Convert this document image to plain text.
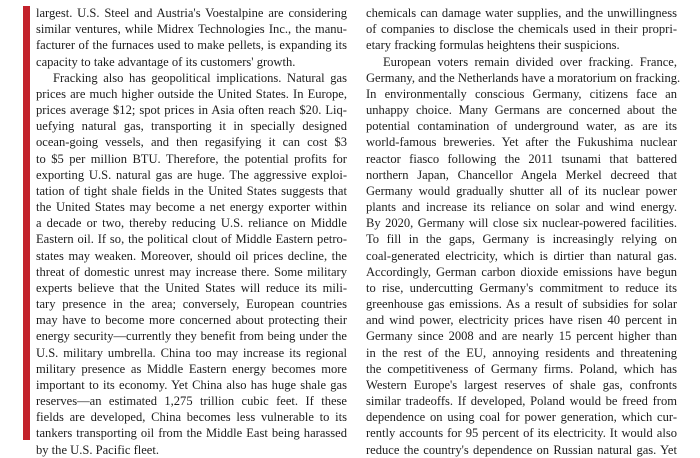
largest. U.S. Steel and Austria's Voestalpine are considering
similar ventures, while Midrex Technologies Inc., the manu-
facturer of the furnaces used to make pellets, is expanding its
capacity to take advantage of its customers' growth.
Fracking also has geopolitical implications. Natural gas
prices are much higher outside the United States. In Europe,
prices average $12; spot prices in Asia often reach $20. Liq-
uefying natural gas, transporting it in specially designed
ocean-going vessels, and then regasifying it can cost $3
to $5 per million BTU. Therefore, the potential profits for
exporting U.S. natural gas are huge. The aggressive exploi-
tation of tight shale fields in the United States suggests that
the United States may become a net energy exporter within
a decade or two, thereby reducing U.S. reliance on Middle
Eastern oil. If so, the political clout of Middle Eastern petro-
states may weaken. Moreover, should oil prices decline, the
threat of domestic unrest may increase there. Some military
experts believe that the United States will reduce its mili-
tary presence in the area; conversely, European countries
may have to become more concerned about protecting their
energy security—currently they benefit from being under the
U.S. military umbrella. China too may increase its regional
military presence as Middle Eastern energy becomes more
important to its economy. Yet China also has huge shale gas
reserves—an estimated 1,275 trillion cubic feet. If these
fields are developed, China becomes less vulnerable to its
tankers transporting oil from the Middle East being harassed
by the U.S. Pacific fleet.
chemicals can damage water supplies, and the unwillingness
of companies to disclose the chemicals used in their propri-
etary fracking formulas heightens their suspicions.
European voters remain divided over fracking. France,
Germany, and the Netherlands have a moratorium on fracking.
In environmentally conscious Germany, citizens face an
unhappy choice. Many Germans are concerned about the
potential contamination of underground water, as are its
world-famous breweries. Yet after the Fukushima nuclear
reactor fiasco following the 2011 tsunami that battered
northern Japan, Chancellor Angela Merkel decreed that
Germany would gradually shutter all of its nuclear power
plants and increase its reliance on solar and wind energy.
By 2020, Germany will close six nuclear-powered facilities.
To fill in the gaps, Germany is increasingly relying on
coal-generated electricity, which is dirtier than natural gas.
Accordingly, German carbon dioxide emissions have begun
to rise, undercutting Germany's commitment to reduce its
greenhouse gas emissions. As a result of subsidies for solar
and wind power, electricity prices have risen 40 percent in
Germany since 2008 and are nearly 15 percent higher than
in the rest of the EU, annoying residents and threatening
the competitiveness of Germany firms. Poland, which has
Western Europe's largest reserves of shale gas, confronts
similar tradeoffs. If developed, Poland would be freed from
dependence on using coal for power generation, which cur-
rently accounts for 95 percent of its electricity. It would also
reduce the country's dependence on Russian natural gas. Yet
